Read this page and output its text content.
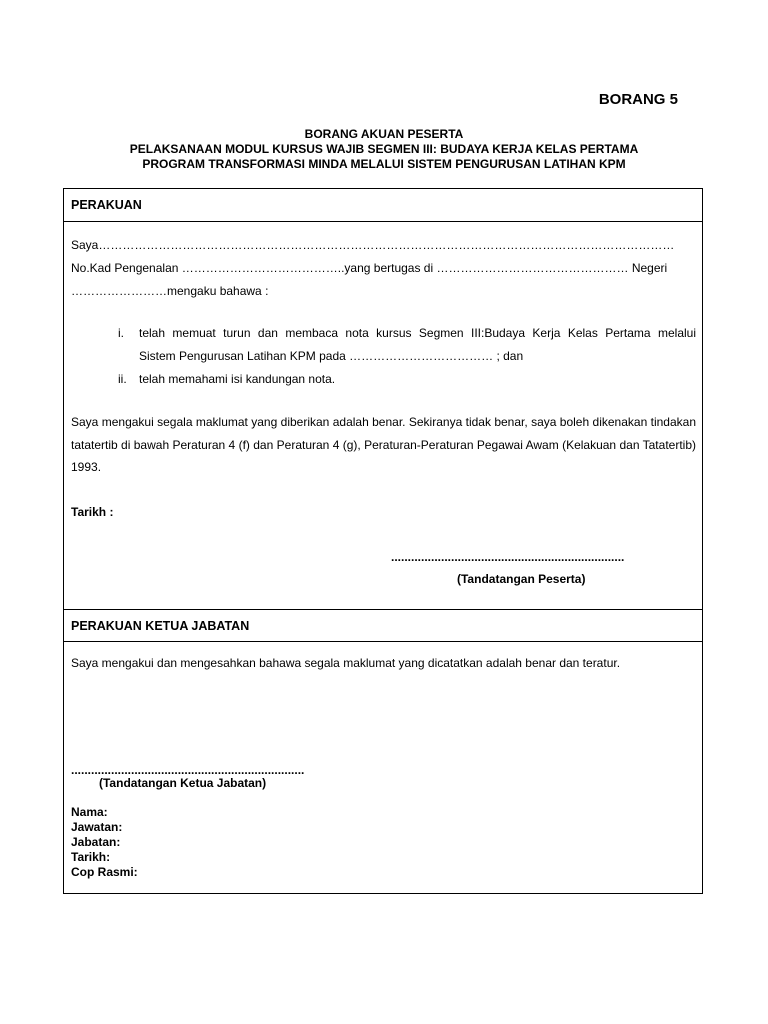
BORANG 5
BORANG AKUAN PESERTA
PELAKSANAAN MODUL KURSUS WAJIB SEGMEN III: BUDAYA KERJA KELAS PERTAMA
PROGRAM TRANSFORMASI MINDA MELALUI SISTEM PENGURUSAN LATIHAN KPM
PERAKUAN
Saya………………………………………………………………………………………………………………………………
No.Kad Pengenalan …………………………………..yang bertugas di ………………………………………… Negeri
……………………mengaku bahawa :
i. telah memuat turun dan membaca nota kursus Segmen III:Budaya Kerja Kelas Pertama melalui
Sistem Pengurusan Latihan KPM pada ……………………………… ; dan
ii. telah memahami isi kandungan nota.
Saya mengakui segala maklumat yang diberikan adalah benar. Sekiranya tidak benar, saya boleh dikenakan tindakan tatatertib di bawah Peraturan 4 (f) dan Peraturan 4 (g), Peraturan-Peraturan Pegawai Awam (Kelakuan dan Tatatertib) 1993.
Tarikh :
......................................................................
(Tandatangan Peserta)
PERAKUAN KETUA JABATAN
Saya mengakui dan mengesahkan bahawa segala maklumat yang dicatatkan adalah benar dan teratur.
......................................................................
(Tandatangan Ketua Jabatan)
Nama:
Jawatan:
Jabatan:
Tarikh:
Cop Rasmi:
